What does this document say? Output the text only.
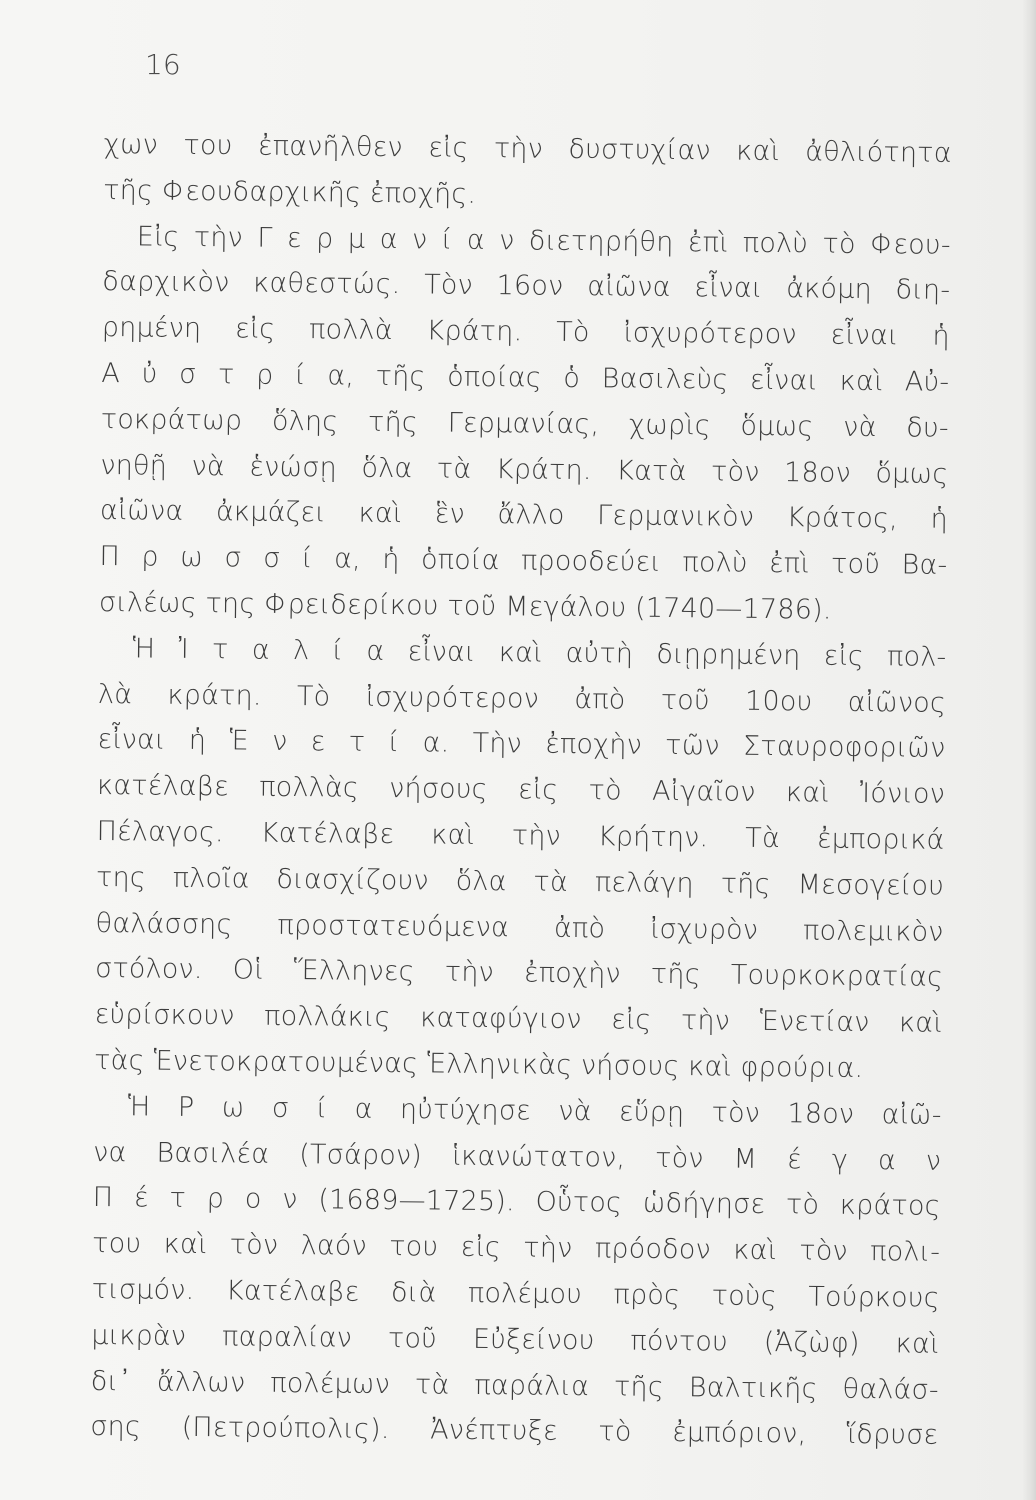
16
χων του ἐπανῆλθεν εἰς τὴν δυστυχίαν καὶ ἀθλιότητα
τῆς Φεουδαρχικῆς ἐποχῆς.
Εἰς τὴν Γ ε ρ μ α ν ί α ν διετηρήθη ἐπὶ πολὺ τὸ Φεου-
δαρχικὸν καθεστώς. Τὸν 16ον αἰῶνα εἶναι ἀκόμη διη-
ρημένη εἰς πολλὰ Κράτη. Τὸ ἰσχυρότερον εἶναι ἡ
Α ὐ σ τ ρ ί α, τῆς ὁποίας ὁ Βασιλεὺς εἶναι καὶ Αὐ-
τοκράτωρ ὅλης τῆς Γερμανίας, χωρὶς ὅμως νὰ δυ-
νηθῇ νὰ ἑνώσῃ ὅλα τὰ Κράτη. Κατὰ τὸν 18ον ὅμως
αἰῶνα ἀκμάζει καὶ ἓν ἄλλο Γερμανικὸν Κράτος, ἡ
Π ρ ω σ σ ί α, ἡ ὁποία προοδεύει πολὺ ἐπὶ τοῦ Βα-
σιλέως της Φρειδερίκου τοῦ Μεγάλου (1740—1786).
Ἡ Ἰ τ α λ ί α εἶναι καὶ αὐτὴ διῃρημένη εἰς πολ-
λὰ κράτη. Τὸ ἰσχυρότερον ἀπὸ τοῦ 10ου αἰῶνος
εἶναι ἡ Ἑ ν ε τ ί α. Τὴν ἐποχὴν τῶν Σταυροφοριῶν
κατέλαβε πολλὰς νήσους εἰς τὸ Αἰγαῖον καὶ Ἰόνιον
Πέλαγος. Κατέλαβε καὶ τὴν Κρήτην. Τὰ ἐμπορικά
της πλοῖα διασχίζουν ὅλα τὰ πελάγη τῆς Μεσογείου
θαλάσσης προστατευόμενα ἀπὸ ἰσχυρὸν πολεμικὸν
στόλον. Οἱ Ἕλληνες τὴν ἐποχὴν τῆς Τουρκοκρατίας
εὑρίσκουν πολλάκις καταφύγιον εἰς τὴν Ἑνετίαν καὶ
τὰς Ἑνετοκρατουμένας Ἑλληνικὰς νήσους καὶ φρούρια.
Ἡ Ρ ω σ ί α ηὐτύχησε νὰ εὕρῃ τὸν 18ον αἰῶ-
να Βασιλέα (Τσάρον) ἱκανώτατον, τὸν Μ έ γ α ν
Π έ τ ρ ο ν (1689—1725). Οὗτος ὡδήγησε τὸ κράτος
του καὶ τὸν λαόν του εἰς τὴν πρόοδον καὶ τὸν πολι-
τισμόν. Κατέλαβε διὰ πολέμου πρὸς τοὺς Τούρκους
μικρὰν παραλίαν τοῦ Εὐξείνου πόντου (Ἀζὼφ) καὶ
δι᾿ ἄλλων πολέμων τὰ παράλια τῆς Βαλτικῆς θαλάσ-
σης (Πετρούπολις). Ἀνέπτυξε τὸ ἐμπόριον, ἵδρυσε
